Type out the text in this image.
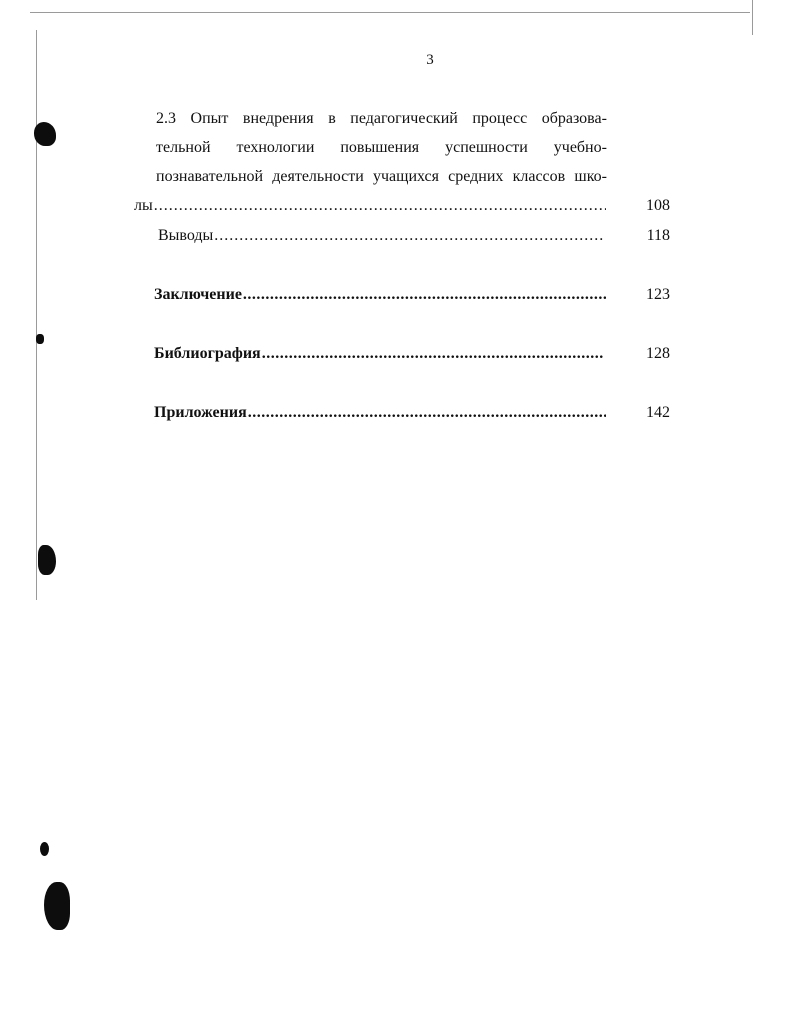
3
2.3 Опыт внедрения в педагогический процесс образова-
тельной технологии повышения успешности учебно-
познавательной деятельности учащихся средних классов шко-
лы .....	108
Выводы .....	118
Заключение .....	123
Библиография .....	128
Приложения .....	142
